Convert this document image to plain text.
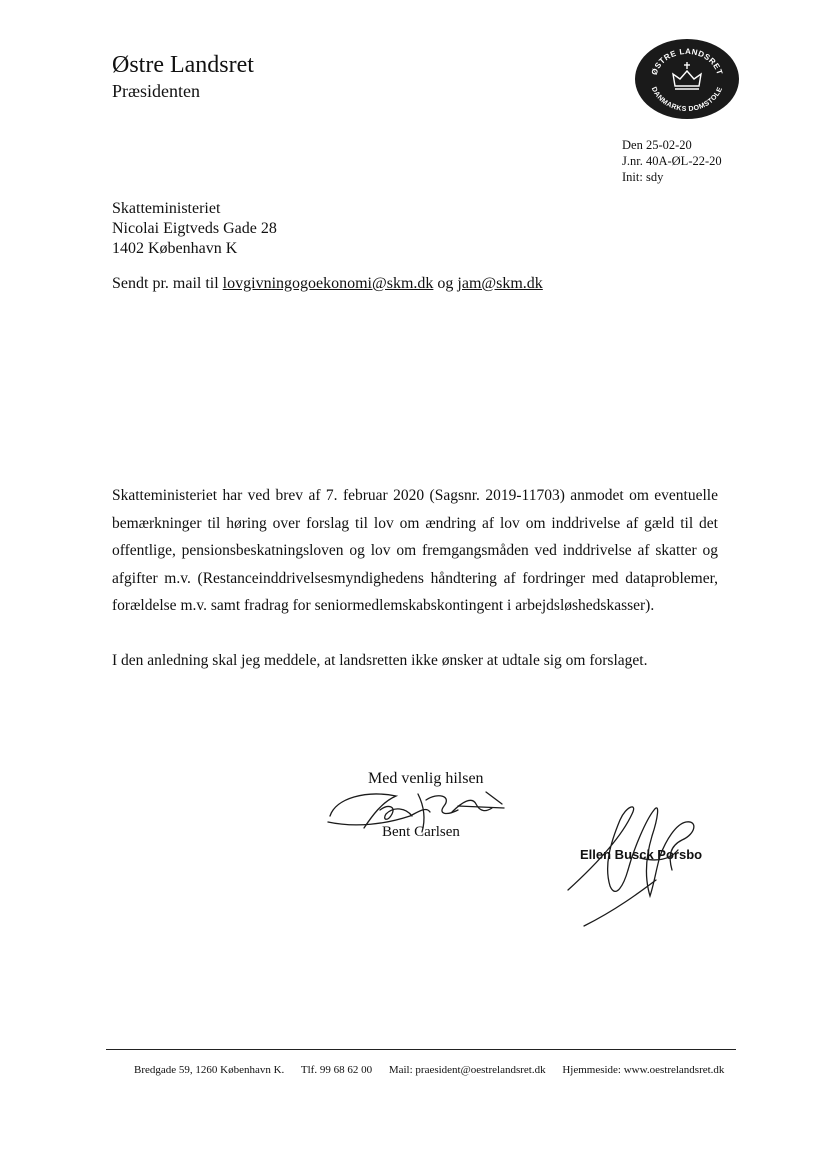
Østre Landsret
Præsidenten
ØSTRE LANDSRET
DANMARKS DOMSTOLE
Den 25-02-20
J.nr. 40A-ØL-22-20
Init: sdy
Skatteministeriet
Nicolai Eigtveds Gade 28
1402 København K
Sendt pr. mail til lovgivningogoekonomi@skm.dk og jam@skm.dk

Skatteministeriet har ved brev af 7. februar 2020 (Sagsnr. 2019-11703) anmodet om eventuelle bemærkninger til høring over forslag til lov om ændring af lov om inddrivelse af gæld til det offentlige, pensionsbeskatningsloven og lov om fremgangsmåden ved inddrivelse af skatter og afgifter m.v. (Restanceinddrivelsesmyndighedens håndtering af fordringer med dataproblemer, forældelse m.v. samt fradrag for seniormedlemskabskontingent i arbejdsløshedskasser).

I den anledning skal jeg meddele, at landsretten ikke ønsker at udtale sig om forslaget.

Med venlig hilsen
Bent Carlsen
Ellen Busck Porsbo
Bredgade 59, 1260 København K. Tlf. 99 68 62 00 Mail: praesident@oestrelandsret.dk Hjemmeside: www.oestrelandsret.dk
